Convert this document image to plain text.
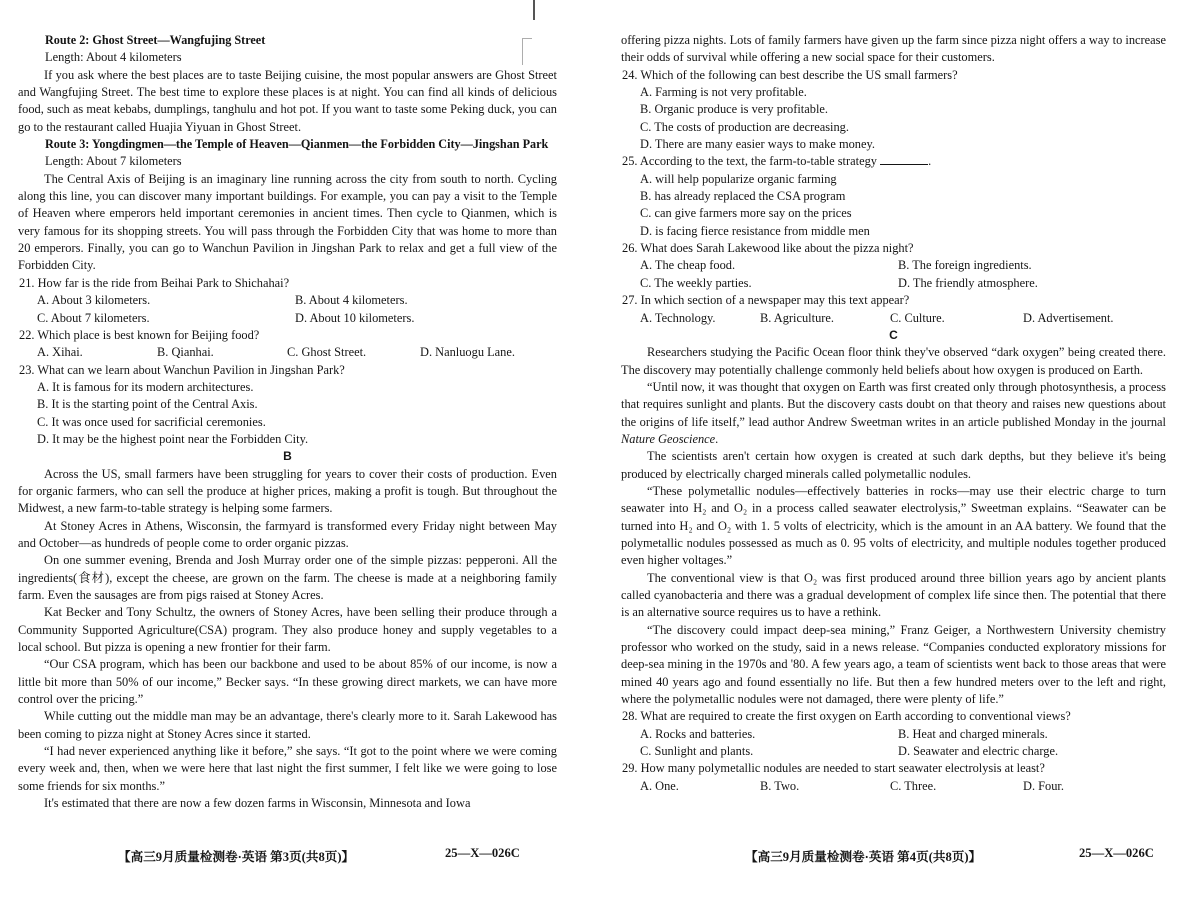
Route 2: Ghost Street—Wangfujing Street

Length: About 4 kilometers

If you ask where the best places are to taste Beijing cuisine, the most popular answers are Ghost Street and Wangfujing Street. The best time to explore these places is at night. You can find all kinds of delicious food, such as meat kebabs, dumplings, tanghulu and hot pot. If you want to taste some Peking duck, you can go to the restaurant called Huajia Yiyuan in Ghost Street.

Route 3: Yongdingmen—the Temple of Heaven—Qianmen—the Forbidden City—Jingshan Park

Length: About 7 kilometers

The Central Axis of Beijing is an imaginary line running across the city from south to north. Cycling along this line, you can discover many important buildings. For example, you can pay a visit to the Temple of Heaven where emperors held important ceremonies in ancient times. Then cycle to Qianmen, which is very famous for its shopping streets. You will pass through the Forbidden City that was home to more than 20 emperors. Finally, you can go to Wanchun Pavilion in Jingshan Park to relax and get a full view of the Forbidden City.

21. How far is the ride from Beihai Park to Shichahai?

A. About 3 kilometers.	B. About 4 kilometers.
C. About 7 kilometers.	D. About 10 kilometers.

22. Which place is best known for Beijing food?

A. Xihai.	B. Qianhai.	C. Ghost Street.	D. Nanluogu Lane.

23. What can we learn about Wanchun Pavilion in Jingshan Park?

A. It is famous for its modern architectures.

B. It is the starting point of the Central Axis.

C. It was once used for sacrificial ceremonies.

D. It may be the highest point near the Forbidden City.

B

Across the US, small farmers have been struggling for years to cover their costs of production. Even for organic farmers, who can sell the produce at higher prices, making a profit is tough. But throughout the Midwest, a new farm-to-table strategy is helping some farmers.

At Stoney Acres in Athens, Wisconsin, the farmyard is transformed every Friday night between May and October—as hundreds of people come to order organic pizzas.

On one summer evening, Brenda and Josh Murray order one of the simple pizzas: pepperoni. All the ingredients(食材), except the cheese, are grown on the farm. The cheese is made at a neighboring family farm. Even the sausages are from pigs raised at Stoney Acres.

Kat Becker and Tony Schultz, the owners of Stoney Acres, have been selling their produce through a Community Supported Agriculture(CSA) program. They also produce honey and supply vegetables to a local school. But pizza is opening a new frontier for their farm.

“Our CSA program, which has been our backbone and used to be about 85% of our income, is now a little bit more than 50% of our income,” Becker says. “In these growing direct markets, we can have more control over the pricing.”

While cutting out the middle man may be an advantage, there's clearly more to it. Sarah Lakewood has been coming to pizza night at Stoney Acres since it started.

“I had never experienced anything like it before,” she says. “It got to the point where we were coming every week and, then, when we were here that last night the first summer, I felt like we were going to lose some friends for six months.”

It's estimated that there are now a few dozen farms in Wisconsin, Minnesota and Iowa

【高三9月质量检测卷·英语 第3页(共8页)】	25—X—026C

offering pizza nights. Lots of family farmers have given up the farm since pizza night offers a way to increase their odds of survival while offering a new social space for their customers.

24. Which of the following can best describe the US small farmers?

A. Farming is not very profitable.

B. Organic produce is very profitable.

C. The costs of production are decreasing.

D. There are many easier ways to make money.

25. According to the text, the farm-to-table strategy	.

A. will help popularize organic farming

B. has already replaced the CSA program

C. can give farmers more say on the prices

D. is facing fierce resistance from middle men

26. What does Sarah Lakewood like about the pizza night?

A. The cheap food.	B. The foreign ingredients.
C. The weekly parties.	D. The friendly atmosphere.

27. In which section of a newspaper may this text appear?

A. Technology.	B. Agriculture.	C. Culture.	D. Advertisement.

C

Researchers studying the Pacific Ocean floor think they've observed “dark oxygen” being created there. The discovery may potentially challenge commonly held beliefs about how oxygen is produced on Earth.

“Until now, it was thought that oxygen on Earth was first created only through photosynthesis, a process that requires sunlight and plants. But the discovery casts doubt on that theory and raises new questions about the origins of life itself,” lead author Andrew Sweetman writes in an article published Monday in the journal Nature Geoscience.

The scientists aren't certain how oxygen is created at such dark depths, but they believe it's being produced by electrically charged minerals called polymetallic nodules.

“These polymetallic nodules—effectively batteries in rocks—may use their electric charge to turn seawater into H₂ and O₂ in a process called seawater electrolysis,” Sweetman explains. “Seawater can be turned into H₂ and O₂ with 1. 5 volts of electricity, which is the amount in an AA battery. We found that the polymetallic nodules possessed as much as 0. 95 volts of electricity, and multiple nodules together produced even higher voltages.”

The conventional view is that O₂ was first produced around three billion years ago by ancient plants called cyanobacteria and there was a gradual development of complex life since then. The potential that there is an alternative source requires us to have a rethink.

“The discovery could impact deep-sea mining,” Franz Geiger, a Northwestern University chemistry professor who worked on the study, said in a news release. “Companies conducted exploratory missions for deep-sea mining in the 1970s and '80. A few years ago, a team of scientists went back to those areas that were mined 40 years ago and found essentially no life. But then a few hundred meters over to the left and right, where the polymetallic nodules were not damaged, there were plenty of life.”

28. What are required to create the first oxygen on Earth according to conventional views?

A. Rocks and batteries.	B. Heat and charged minerals.
C. Sunlight and plants.	D. Seawater and electric charge.

29. How many polymetallic nodules are needed to start seawater electrolysis at least?

A. One.	B. Two.	C. Three.	D. Four.
【高三9月质量检测卷·英语 第4页(共8页)】	25—X—026C
